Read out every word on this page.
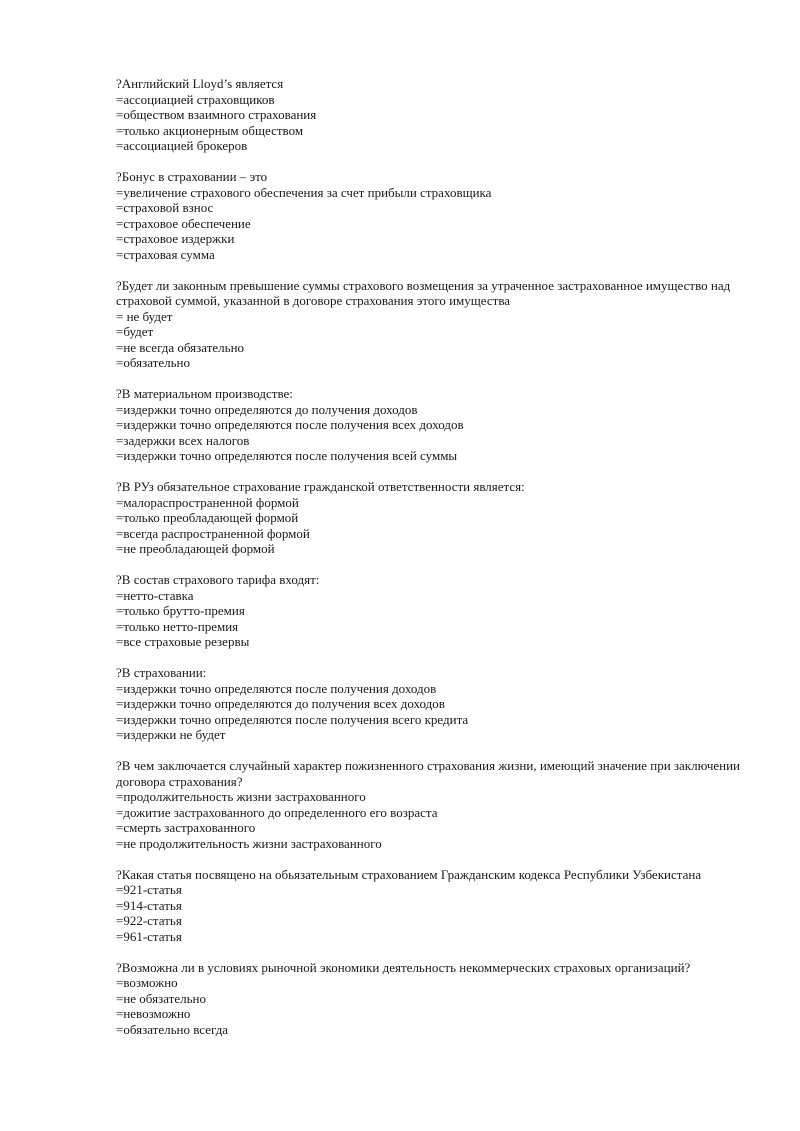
?Английский Lloyd’s является
=ассоциацией страховщиков
=обществом взаимного страхования
=только акционерным обществом
=ассоциацией брокеров
?Бонус в страховании – это
=увеличение страхового обеспечения за счет прибыли страховщика
=страховой взнос
=страховое обеспечение
=страховое издержки
=страховая сумма
?Будет ли законным превышение суммы страхового возмещения за утраченное застрахованное имущество над страховой суммой, указанной в договоре страхования этого имущества
= не будет
=будет
=не всегда обязательно
=обязательно
?В материальном производстве:
=издержки точно определяются до получения доходов
=издержки точно определяются после получения всех доходов
=задержки всех налогов
=издержки точно определяются после получения всей суммы
?В РУз обязательное страхование гражданской ответственности является:
=малораспространенной формой
=только преобладающей формой
=всегда распространенной формой
=не преобладающей формой
?В состав страхового тарифа входят:
=нетто-ставка
=только брутто-премия
=только нетто-премия
=все страховые резервы
?В страховании:
=издержки точно определяются после получения доходов
=издержки точно определяются до получения всех доходов
=издержки точно определяются после получения всего кредита
=издержки не будет
?В чем заключается случайный характер пожизненного страхования жизни, имеющий значение при заключении договора страхования?
=продолжительность жизни застрахованного
=дожитие застрахованного до определенного его возраста
=смерть застрахованного
=не продолжительность жизни застрахованного
?Какая статья посвящено на обьязательным страхованием Гражданским кодекса Республики Узбекистана
=921-статья
=914-статья
=922-статья
=961-статья
?Возможна ли в условиях рыночной экономики деятельность некоммерческих страховых организаций?
=возможно
=не обязательно
=невозможно
=обязательно всегда
